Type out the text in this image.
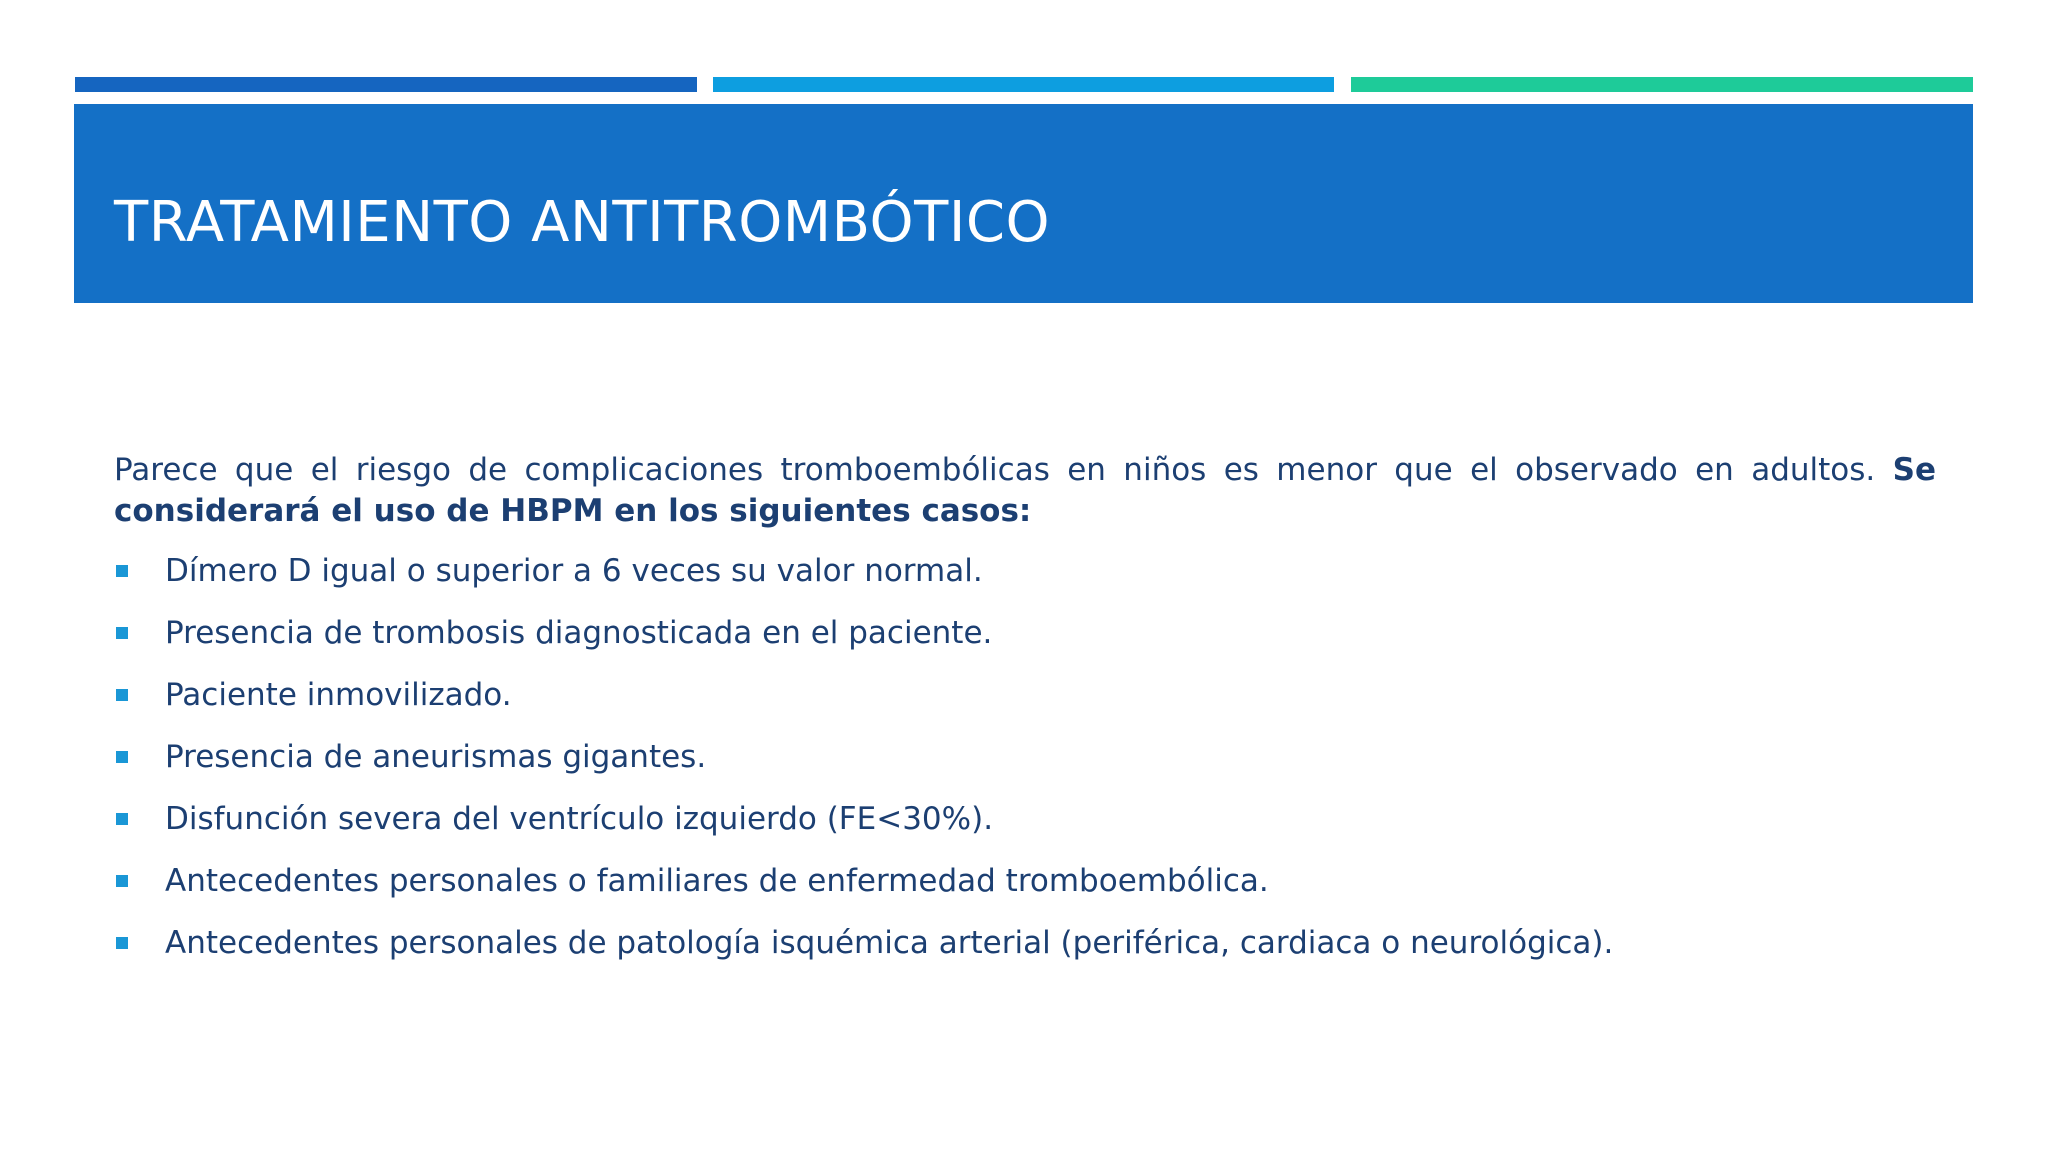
TRATAMIENTO ANTITROMBÓTICO

Parece que el riesgo de complicaciones tromboembólicas en niños es menor que el observado en adultos. Se considerará el uso de HBPM en los siguientes casos:

Dímero D igual o superior a 6 veces su valor normal.
Presencia de trombosis diagnosticada en el paciente.
Paciente inmovilizado.
Presencia de aneurismas gigantes.
Disfunción severa del ventrículo izquierdo (FE<30%).
Antecedentes personales o familiares de enfermedad tromboembólica.
Antecedentes personales de patología isquémica arterial (periférica, cardiaca o neurológica).
